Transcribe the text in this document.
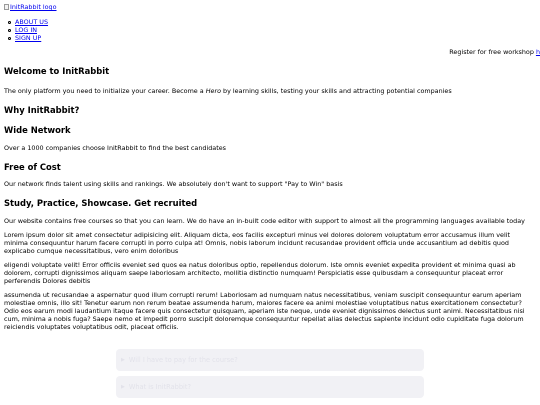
InitRabbit logo
ABOUT US
LOG IN
SIGN UP
Register for free workshop h
Welcome to InitRabbit

The only platform you need to initialize your career. Become a Hero by learning skills, testing your skills and attracting potential companies

Why InitRabbit?
Wide Network

Over a 1000 companies choose InitRabbit to find the best candidates

Free of Cost

Our network finds talent using skills and rankings. We absolutely don't want to support "Pay to Win" basis

Study, Practice, Showcase. Get recruited

Our website contains free courses so that you can learn. We do have an in-built code editor with support to almost all the programming languages available today

Lorem ipsum dolor sit amet consectetur adipisicing elit. Aliquam dicta, eos facilis excepturi minus vel dolores dolorem voluptatum error accusamus illum velit minima consequuntur harum facere corrupti in porro culpa at! Omnis, nobis laborum incidunt recusandae provident officia unde accusantium ad debitis quod explicabo cumque necessitatibus, vero enim doloribus

eligendi voluptate velit! Error officiis eveniet sed quos ea natus doloribus optio, repellendus dolorum. Iste omnis eveniet expedita provident et minima quasi ab dolorem, corrupti dignissimos aliquam saepe laboriosam architecto, mollitia distinctio numquam! Perspiciatis esse quibusdam a consequuntur placeat error perferendis Dolores debitis

assumenda ut recusandae a aspernatur quod illum corrupti rerum! Laboriosam ad numquam natus necessitatibus, veniam suscipit consequuntur earum aperiam molestiae omnis, illo sit! Tenetur earum non rerum beatae assumenda harum, maiores facere ea animi molestiae voluptatibus natus exercitationem consectetur? Odio eos earum modi laudantium itaque facere quis consectetur quisquam, aperiam iste neque, unde eveniet dignissimos delectus sunt animi. Necessitatibus nisi cum, minima a nobis fuga? Saepe nemo et impedit porro suscipit doloremque consequuntur repellat alias delectus sapiente incidunt odio cupiditate fuga dolorum reiciendis voluptates voluptatibus odit, placeat officiis.

▶ Will I have to pay for the course?
▶ What is InitRabbit?
